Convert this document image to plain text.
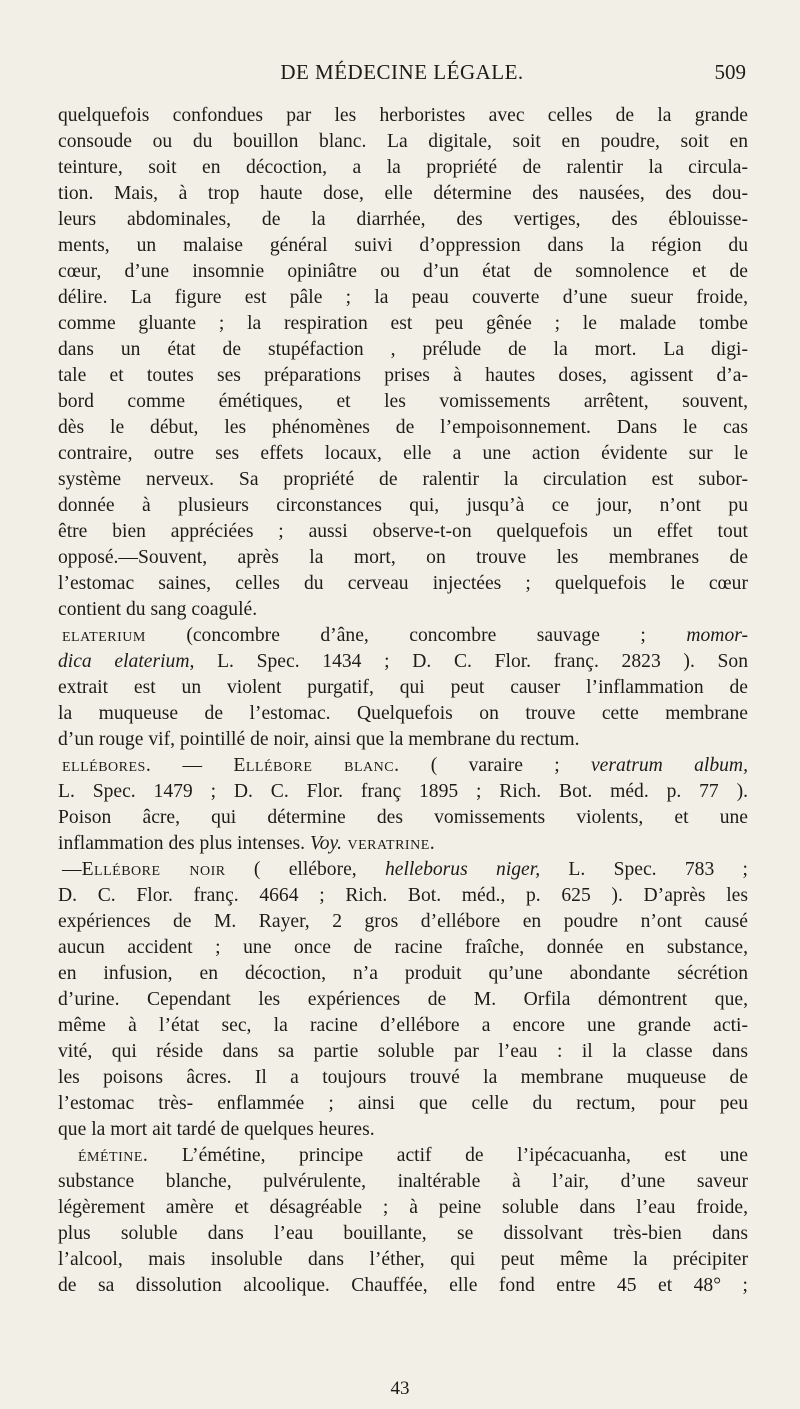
DE MÉDECINE LÉGALE.	509
quelquefois confondues par les herboristes avec celles de la grande
consoude ou du bouillon blanc. La digitale, soit en poudre, soit en
teinture, soit en décoction, a la propriété de ralentir la circula-
tion. Mais, à trop haute dose, elle détermine des nausées, des dou-
leurs abdominales, de la diarrhée, des vertiges, des éblouisse-
ments, un malaise général suivi d’oppression dans la région du
cœur, d’une insomnie opiniâtre ou d’un état de somnolence et de
délire. La figure est pâle ; la peau couverte d’une sueur froide,
comme gluante ; la respiration est peu gênée ; le malade tombe
dans un état de stupéfaction , prélude de la mort. La digi-
tale et toutes ses préparations prises à hautes doses, agissent d’a-
bord comme émétiques, et les vomissements arrêtent, souvent,
dès le début, les phénomènes de l’empoisonnement. Dans le cas
contraire, outre ses effets locaux, elle a une action évidente sur le
système nerveux. Sa propriété de ralentir la circulation est subor-
donnée à plusieurs circonstances qui, jusqu’à ce jour, n’ont pu
être bien appréciées ; aussi observe-t-on quelquefois un effet tout
opposé.—Souvent, après la mort, on trouve les membranes de
l’estomac saines, celles du cerveau injectées ; quelquefois le cœur
contient du sang coagulé.
elaterium (concombre d’âne, concombre sauvage ; momor-
dica elaterium, L. Spec. 1434 ; D. C. Flor. franç. 2823 ). Son
extrait est un violent purgatif, qui peut causer l’inflammation de
la muqueuse de l’estomac. Quelquefois on trouve cette membrane
d’un rouge vif, pointillé de noir, ainsi que la membrane du rectum.
ellébores. — Ellébore blanc. ( varaire ; veratrum album,
L. Spec. 1479 ; D. C. Flor. franç 1895 ; Rich. Bot. méd. p. 77 ).
Poison âcre, qui détermine des vomissements violents, et une
inflammation des plus intenses. Voy. veratrine.
—Ellébore noir ( ellébore, helleborus niger, L. Spec. 783 ;
D. C. Flor. franç. 4664 ; Rich. Bot. méd., p. 625 ). D’après les
expériences de M. Rayer, 2 gros d’ellébore en poudre n’ont causé
aucun accident ; une once de racine fraîche, donnée en substance,
en infusion, en décoction, n’a produit qu’une abondante sécrétion
d’urine. Cependant les expériences de M. Orfila démontrent que,
même à l’état sec, la racine d’ellébore a encore une grande acti-
vité, qui réside dans sa partie soluble par l’eau : il la classe dans
les poisons âcres. Il a toujours trouvé la membrane muqueuse de
l’estomac très- enflammée ; ainsi que celle du rectum, pour peu
que la mort ait tardé de quelques heures.
émétine. L’émétine, principe actif de l’ipécacuanha, est une
substance blanche, pulvérulente, inaltérable à l’air, d’une saveur
légèrement amère et désagréable ; à peine soluble dans l’eau froide,
plus soluble dans l’eau bouillante, se dissolvant très-bien dans
l’alcool, mais insoluble dans l’éther, qui peut même la précipiter
de sa dissolution alcoolique. Chauffée, elle fond entre 45 et 48° ;
43
